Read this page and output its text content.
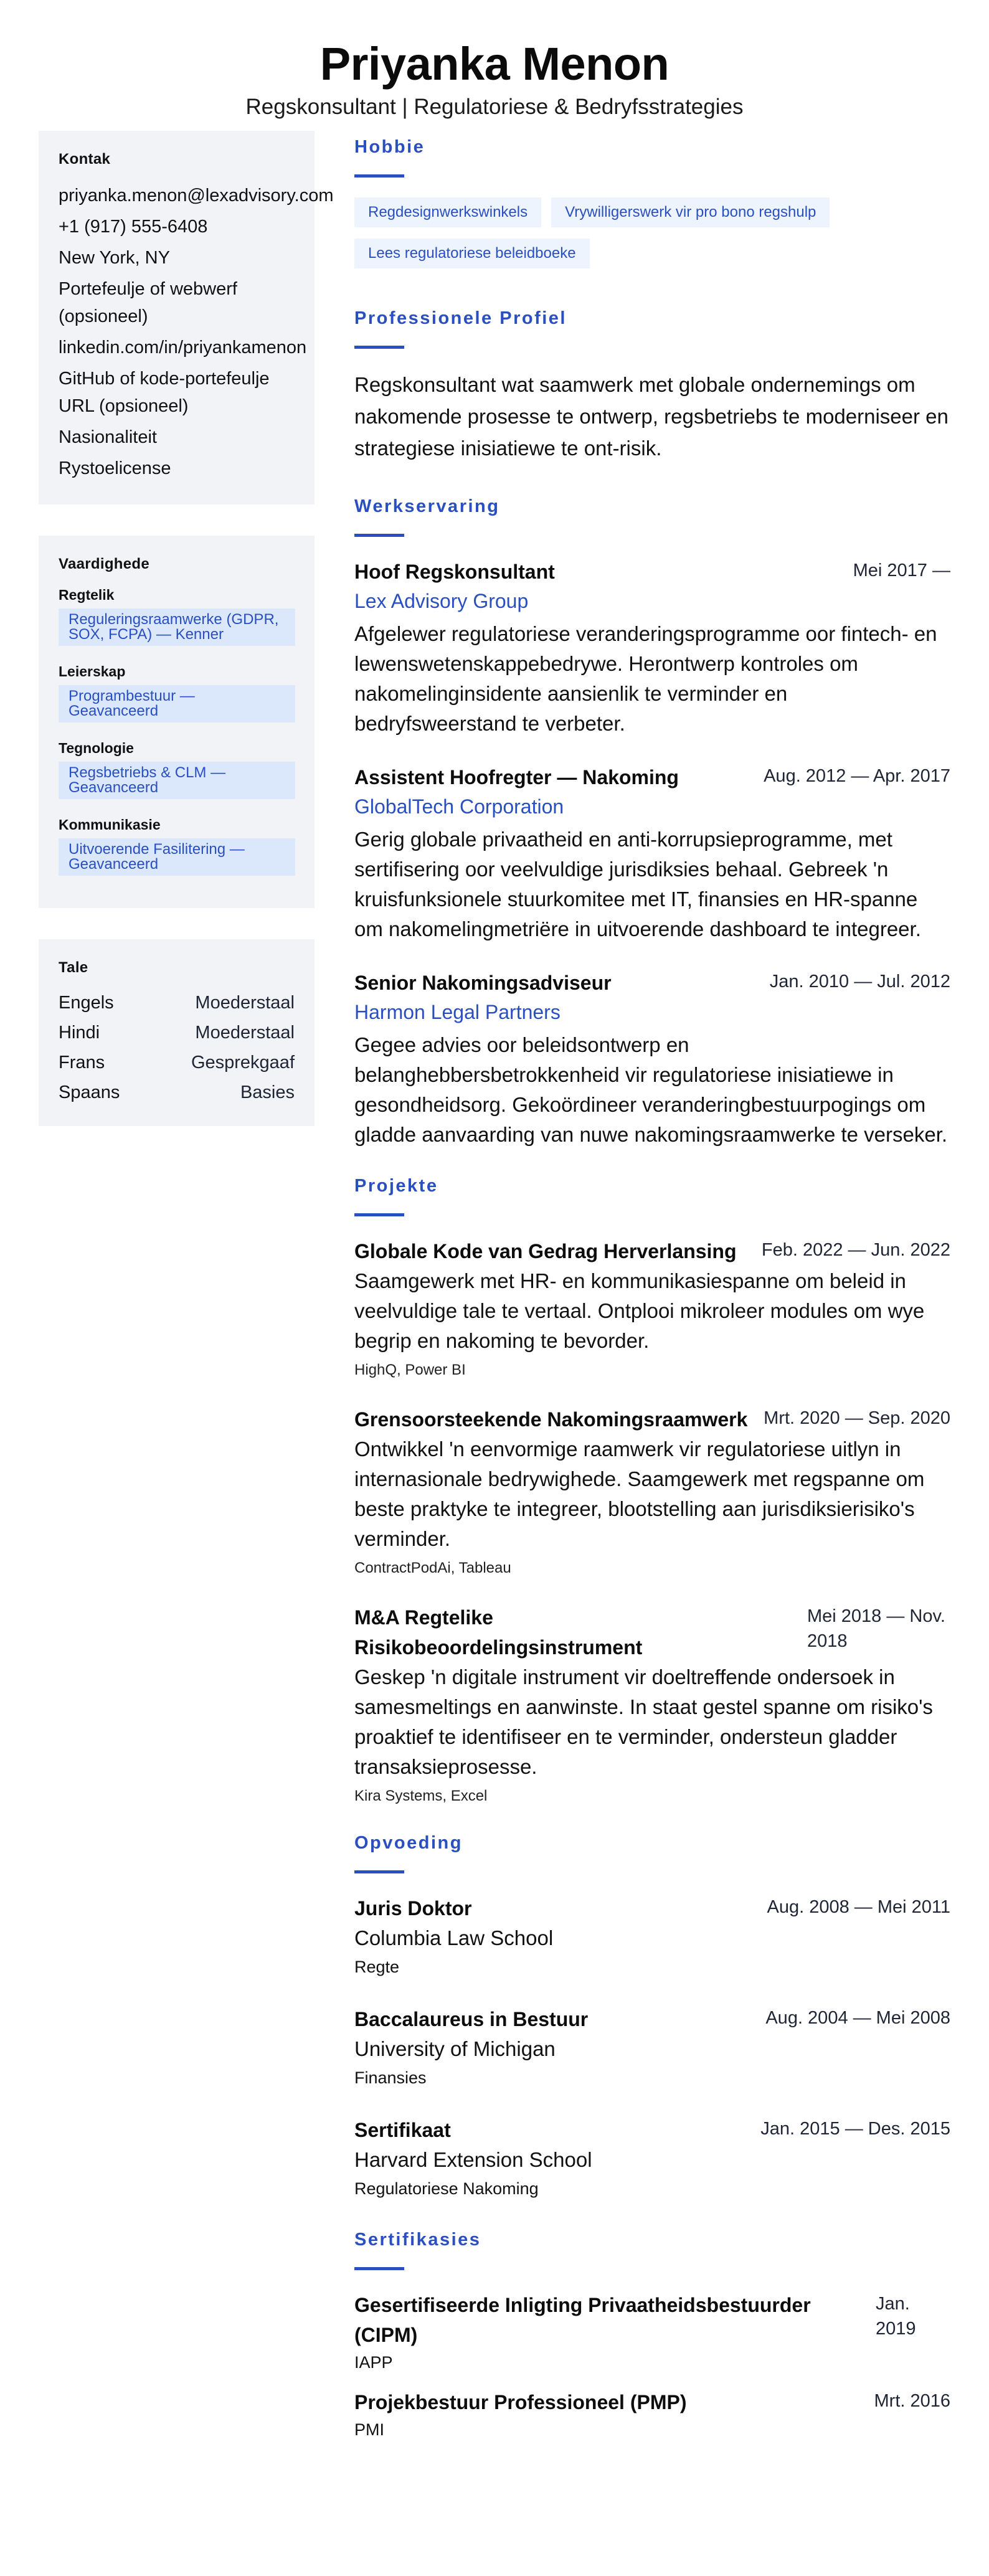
Priyanka Menon
Regskonsultant | Regulatoriese & Bedryfsstrategies
Kontak
priyanka.menon@lexadvisory.com
+1 (917) 555-6408
New York, NY
Portefeulje of webwerf (opsioneel)
linkedin.com/in/priyankamenon
GitHub of kode-portefeulje URL (opsioneel)
Nasionaliteit
Rystoelicense
Vaardighede
Regtelik
Reguleringsraamwerke (GDPR, SOX, FCPA) — Kenner
Leierskap
Programbestuur — Geavanceerd
Tegnologie
Regsbetriebs & CLM — Geavanceerd
Kommunikasie
Uitvoerende Fasilitering — Geavanceerd
Tale
Engels	Moederstaal
Hindi	Moederstaal
Frans	Gesprekgaaf
Spaans	Basies
Hobbie
Regdesignwerkswinkels	Vrywilligerswerk vir pro bono regshulp
Lees regulatoriese beleidboeke
Professionele Profiel

Regskonsultant wat saamwerk met globale ondernemings om nakomende prosesse te ontwerp, regsbetriebs te moderniseer en strategiese inisiatiewe te ont-risik.

Werkservaring
Hoof Regskonsultant	Mei 2017 —
Lex Advisory Group

Afgelewer regulatoriese veranderingsprogramme oor fintech- en lewenswetenskappebedrywe. Herontwerp kontroles om nakomelinginsidente aansienlik te verminder en bedryfsweerstand te verbeter.

Assistent Hoofregter — Nakoming	Aug. 2012 — Apr. 2017
GlobalTech Corporation

Gerig globale privaatheid en anti-korrupsieprogramme, met sertifisering oor veelvuldige jurisdiksies behaal. Gebreek 'n kruisfunksionele stuurkomitee met IT, finansies en HR-spanne om nakomelingmetriëre in uitvoerende dashboard te integreer.

Senior Nakomingsadviseur	Jan. 2010 — Jul. 2012
Harmon Legal Partners

Gegee advies oor beleidsontwerp en belanghebbersbetrokkenheid vir regulatoriese inisiatiewe in gesondheidsorg. Gekoördineer veranderingbestuurpogings om gladde aanvaarding van nuwe nakomingsraamwerke te verseker.

Projekte
Globale Kode van Gedrag Herverlansing Feb. 2022 — Jun. 2022

Saamgewerk met HR- en kommunikasiespanne om beleid in veelvuldige tale te vertaal. Ontplooi mikroleer modules om wye begrip en nakoming te bevorder.

HighQ, Power BI
Grensoorsteekende Nakomingsraamwerk Mrt. 2020 — Sep. 2020

Ontwikkel 'n eenvormige raamwerk vir regulatoriese uitlyn in internasionale bedrywighede. Saamgewerk met regspanne om beste praktyke te integreer, blootstelling aan jurisdiksierisiko's verminder.

ContractPodAi, Tableau
M&A Regtelike Risikobeoordelingsinstrument
Mei 2018 — Nov. 2018

Geskep 'n digitale instrument vir doeltreffende ondersoek in samesmeltings en aanwinste. In staat gestel spanne om risiko's proaktief te identifiseer en te verminder, ondersteun gladder transaksieprosesse.

Kira Systems, Excel
Opvoeding
Juris Doktor	Aug. 2008 — Mei 2011
Columbia Law School
Regte
Baccalaureus in Bestuur	Aug. 2004 — Mei 2008
University of Michigan
Finansies
Sertifikaat	Jan. 2015 — Des. 2015
Harvard Extension School
Regulatoriese Nakoming
Sertifikasies
Gesertifiseerde Inligting Privaatheidsbestuurder (CIPM)
Jan. 2019
IAPP
Projekbestuur Professioneel (PMP)	Mrt. 2016
PMI
